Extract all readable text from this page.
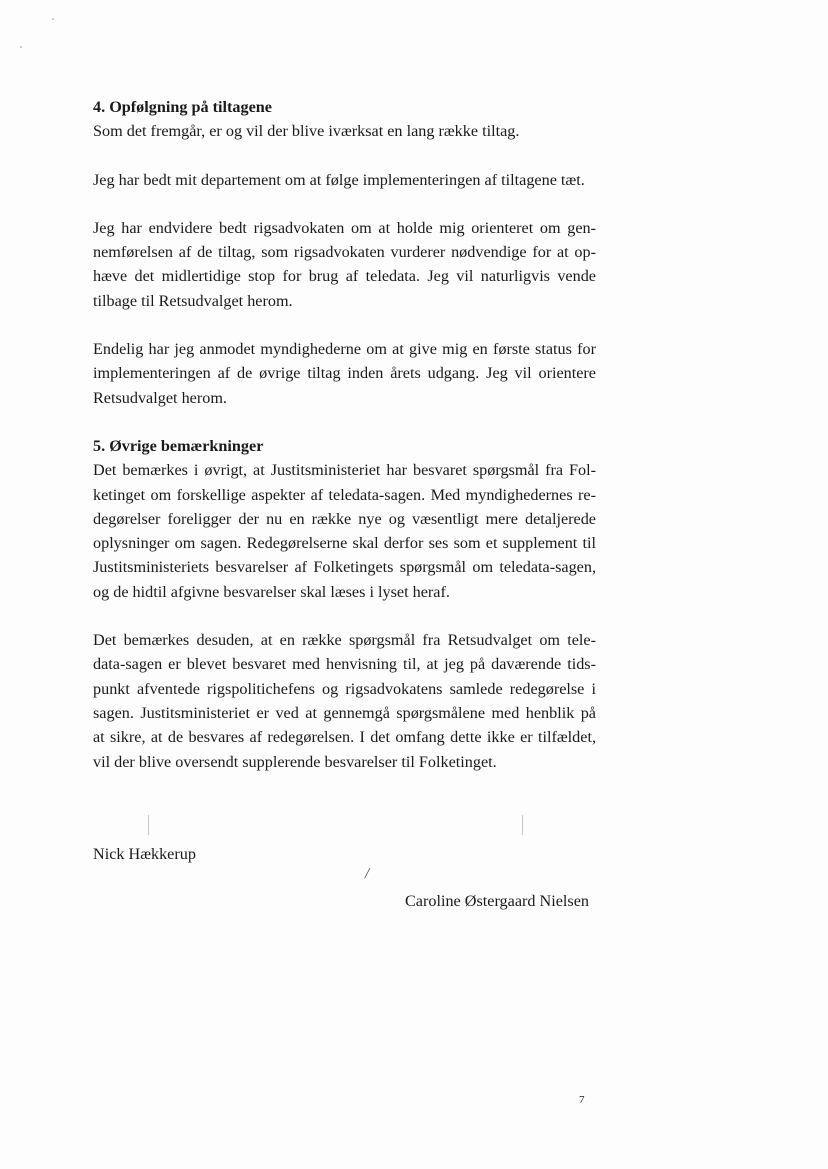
4. Opfølgning på tiltagene
Som det fremgår, er og vil der blive iværksat en lang række tiltag.
Jeg har bedt mit departement om at følge implementeringen af tiltagene tæt.
Jeg har endvidere bedt rigsadvokaten om at holde mig orienteret om gen-
nemførelsen af de tiltag, som rigsadvokaten vurderer nødvendige for at op-
hæve det midlertidige stop for brug af teledata. Jeg vil naturligvis vende
tilbage til Retsudvalget herom.
Endelig har jeg anmodet myndighederne om at give mig en første status for
implementeringen af de øvrige tiltag inden årets udgang. Jeg vil orientere
Retsudvalget herom.
5. Øvrige bemærkninger
Det bemærkes i øvrigt, at Justitsministeriet har besvaret spørgsmål fra Fol-
ketinget om forskellige aspekter af teledata-sagen. Med myndighedernes re-
degørelser foreligger der nu en række nye og væsentligt mere detaljerede
oplysninger om sagen. Redegørelserne skal derfor ses som et supplement til
Justitsministeriets besvarelser af Folketingets spørgsmål om teledata-sagen,
og de hidtil afgivne besvarelser skal læses i lyset heraf.
Det bemærkes desuden, at en række spørgsmål fra Retsudvalget om tele-
data-sagen er blevet besvaret med henvisning til, at jeg på daværende tids-
punkt afventede rigspolitichefens og rigsadvokatens samlede redegørelse i
sagen. Justitsministeriet er ved at gennemgå spørgsmålene med henblik på
at sikre, at de besvares af redegørelsen. I det omfang dette ikke er tilfældet,
vil der blive oversendt supplerende besvarelser til Folketinget.
/
Nick Hækkerup
Caroline Østergaard Nielsen
7
